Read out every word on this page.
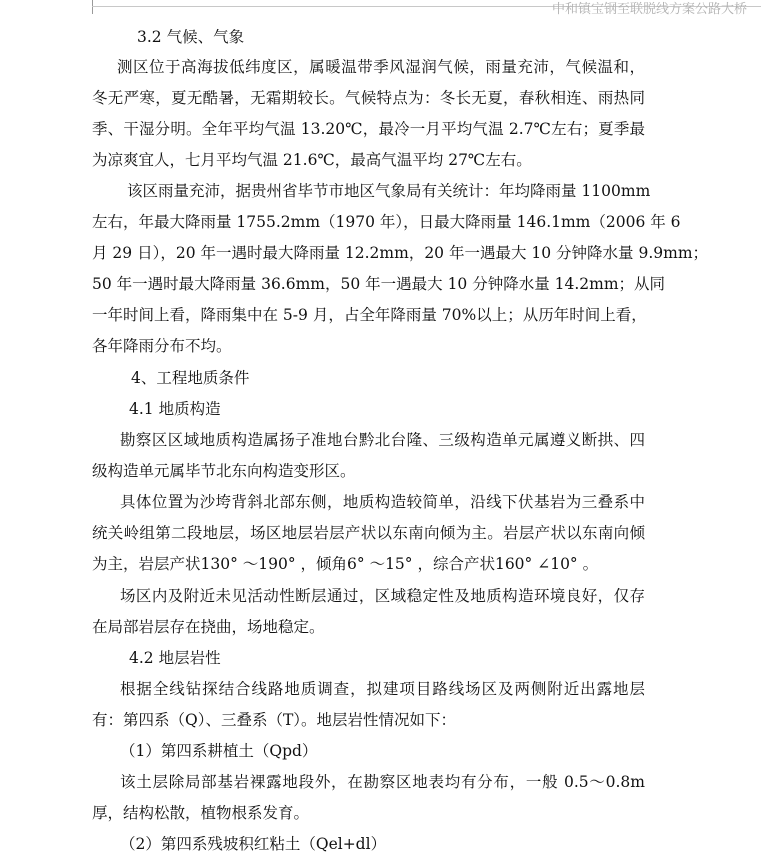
中和镇宝钢至联脱线方案公路大桥
3.2 气候、气象
测区位于高海拔低纬度区，属暖温带季风湿润气候，雨量充沛，气候温和，
冬无严寒，夏无酷暑，无霜期较长。气候特点为：冬长无夏，春秋相连、雨热同
季、干湿分明。全年平均气温 13.20℃，最冷一月平均气温 2.7℃左右；夏季最
为凉爽宜人，七月平均气温 21.6℃，最高气温平均 27℃左右。
该区雨量充沛，据贵州省毕节市地区气象局有关统计：年均降雨量 1100mm
左右，年最大降雨量 1755.2mm（1970 年），日最大降雨量 146.1mm（2006 年 6
月 29 日），20 年一遇时最大降雨量 12.2mm，20 年一遇最大 10 分钟降水量 9.9mm；
50 年一遇时最大降雨量 36.6mm，50 年一遇最大 10 分钟降水量 14.2mm；从同
一年时间上看，降雨集中在 5-9 月，占全年降雨量 70%以上；从历年时间上看，
各年降雨分布不均。
4、工程地质条件
4.1 地质构造
勘察区区域地质构造属扬子准地台黔北台隆、三级构造单元属遵义断拱、四
级构造单元属毕节北东向构造变形区。
具体位置为沙垮背斜北部东侧，地质构造较简单，沿线下伏基岩为三叠系中
统关岭组第二段地层，场区地层岩层产状以东南向倾为主。岩层产状以东南向倾
为主，岩层产状130° ～190° ，倾角6° ～15° ，综合产状160° ∠10° 。
场区内及附近未见活动性断层通过，区域稳定性及地质构造环境良好，仅存
在局部岩层存在挠曲，场地稳定。
4.2 地层岩性
根据全线钻探结合线路地质调查，拟建项目路线场区及两侧附近出露地层
有：第四系（Q）、三叠系（T）。地层岩性情况如下：
（1）第四系耕植土（Qpd）
该土层除局部基岩裸露地段外，在勘察区地表均有分布，一般 0.5～0.8m
厚，结构松散，植物根系发育。
（2）第四系残坡积红粘土（Qel+dl）
